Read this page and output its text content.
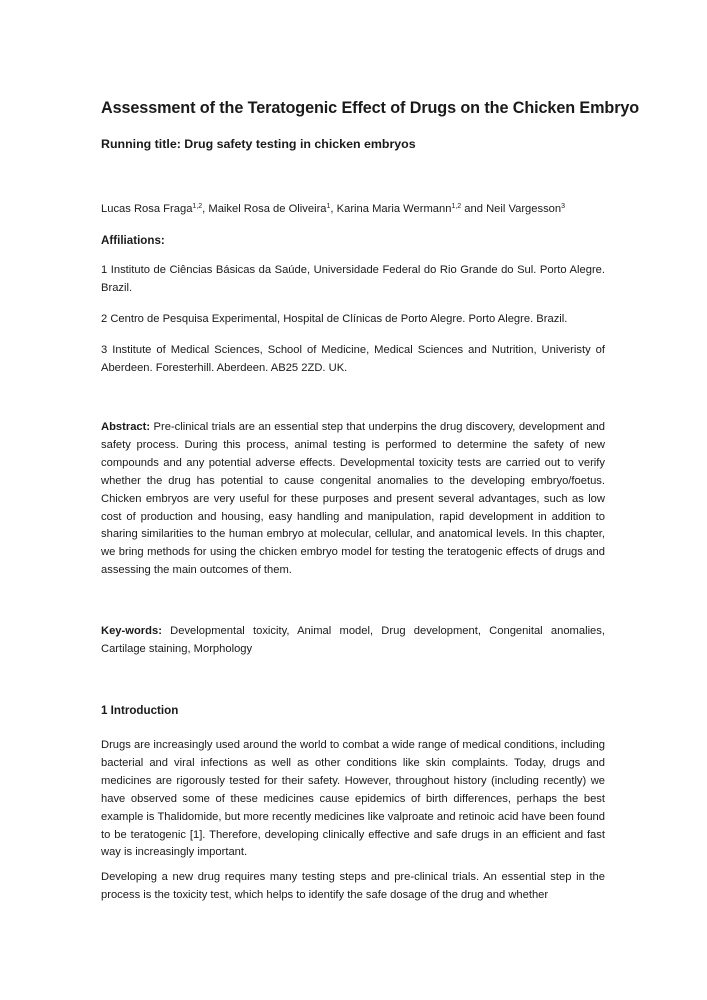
Assessment of the Teratogenic Effect of Drugs on the Chicken Embryo
Running title: Drug safety testing in chicken embryos
Lucas Rosa Fraga$^{1,2}$, Maikel Rosa de Oliveira$^1$, Karina Maria Wermann$^{1,2}$ and Neil Vargesson$^3$
Affiliations:

1 Instituto de Ciências Básicas da Saúde, Universidade Federal do Rio Grande do Sul. Porto Alegre. Brazil.

2 Centro de Pesquisa Experimental, Hospital de Clínicas de Porto Alegre. Porto Alegre. Brazil.

3 Institute of Medical Sciences, School of Medicine, Medical Sciences and Nutrition, Univeristy of Aberdeen. Foresterhill. Aberdeen. AB25 2ZD. UK.

Abstract: Pre-clinical trials are an essential step that underpins the drug discovery, development and safety process. During this process, animal testing is performed to determine the safety of new compounds and any potential adverse effects. Developmental toxicity tests are carried out to verify whether the drug has potential to cause congenital anomalies to the developing embryo/foetus. Chicken embryos are very useful for these purposes and present several advantages, such as low cost of production and housing, easy handling and manipulation, rapid development in addition to sharing similarities to the human embryo at molecular, cellular, and anatomical levels. In this chapter, we bring methods for using the chicken embryo model for testing the teratogenic effects of drugs and assessing the main outcomes of them.

Key-words: Developmental toxicity, Animal model, Drug development, Congenital anomalies, Cartilage staining, Morphology

1 Introduction

Drugs are increasingly used around the world to combat a wide range of medical conditions, including bacterial and viral infections as well as other conditions like skin complaints. Today, drugs and medicines are rigorously tested for their safety. However, throughout history (including recently) we have observed some of these medicines cause epidemics of birth differences, perhaps the best example is Thalidomide, but more recently medicines like valproate and retinoic acid have been found to be teratogenic [1]. Therefore, developing clinically effective and safe drugs in an efficient and fast way is increasingly important.

Developing a new drug requires many testing steps and pre-clinical trials. An essential step in the process is the toxicity test, which helps to identify the safe dosage of the drug and whether
